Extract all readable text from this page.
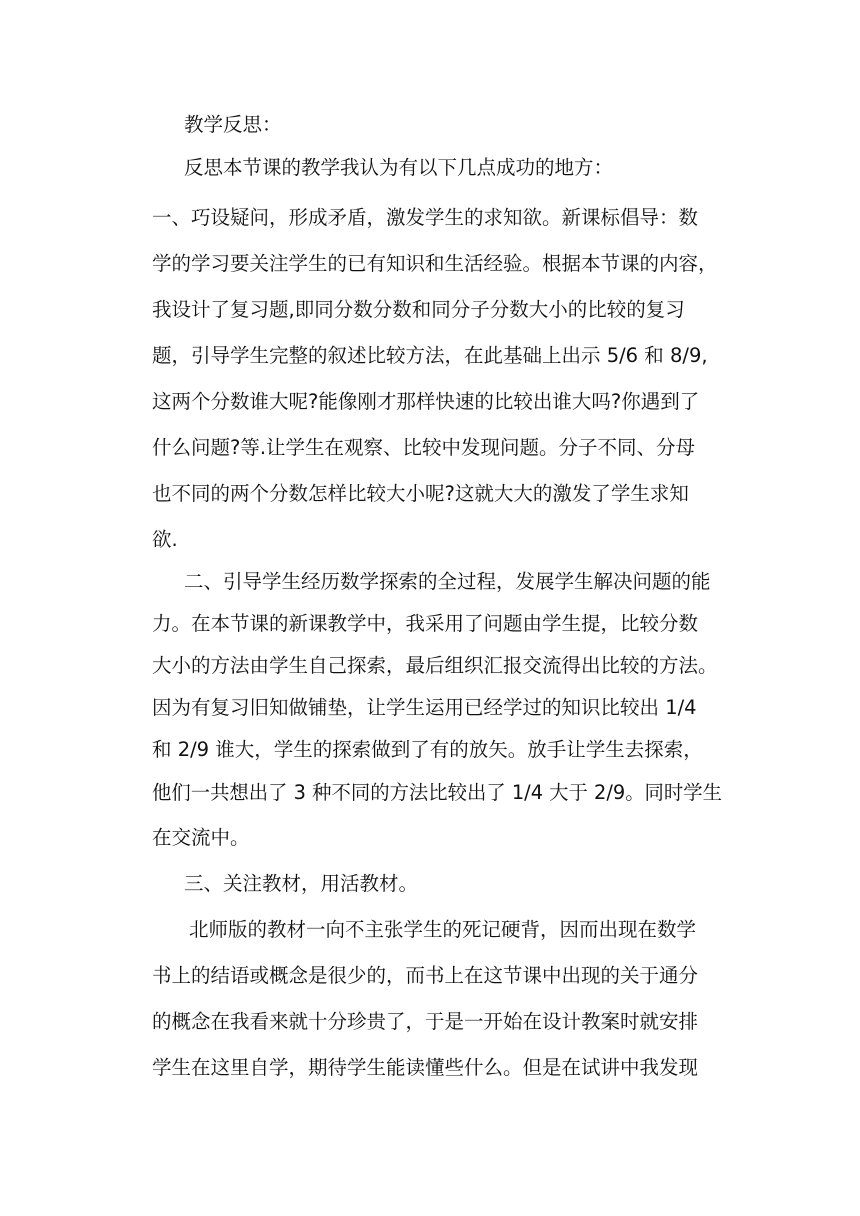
教学反思：
反思本节课的教学我认为有以下几点成功的地方：
一、巧设疑问，形成矛盾，激发学生的求知欲。新课标倡导：数
学的学习要关注学生的已有知识和生活经验。根据本节课的内容，
我设计了复习题,即同分数分数和同分子分数大小的比较的复习
题，引导学生完整的叙述比较方法，在此基础上出示 5/6 和 8/9,
这两个分数谁大呢?能像刚才那样快速的比较出谁大吗?你遇到了
什么问题?等.让学生在观察、比较中发现问题。分子不同、分母
也不同的两个分数怎样比较大小呢?这就大大的激发了学生求知
欲.
二、引导学生经历数学探索的全过程，发展学生解决问题的能
力。在本节课的新课教学中，我采用了问题由学生提，比较分数
大小的方法由学生自己探索，最后组织汇报交流得出比较的方法。
因为有复习旧知做铺垫，让学生运用已经学过的知识比较出 1/4
和 2/9 谁大，学生的探索做到了有的放矢。放手让学生去探索，
他们一共想出了 3 种不同的方法比较出了 1/4 大于 2/9。同时学生
在交流中。
三、关注教材，用活教材。
北师版的教材一向不主张学生的死记硬背，因而出现在数学
书上的结语或概念是很少的，而书上在这节课中出现的关于通分
的概念在我看来就十分珍贵了，于是一开始在设计教案时就安排
学生在这里自学，期待学生能读懂些什么。但是在试讲中我发现
